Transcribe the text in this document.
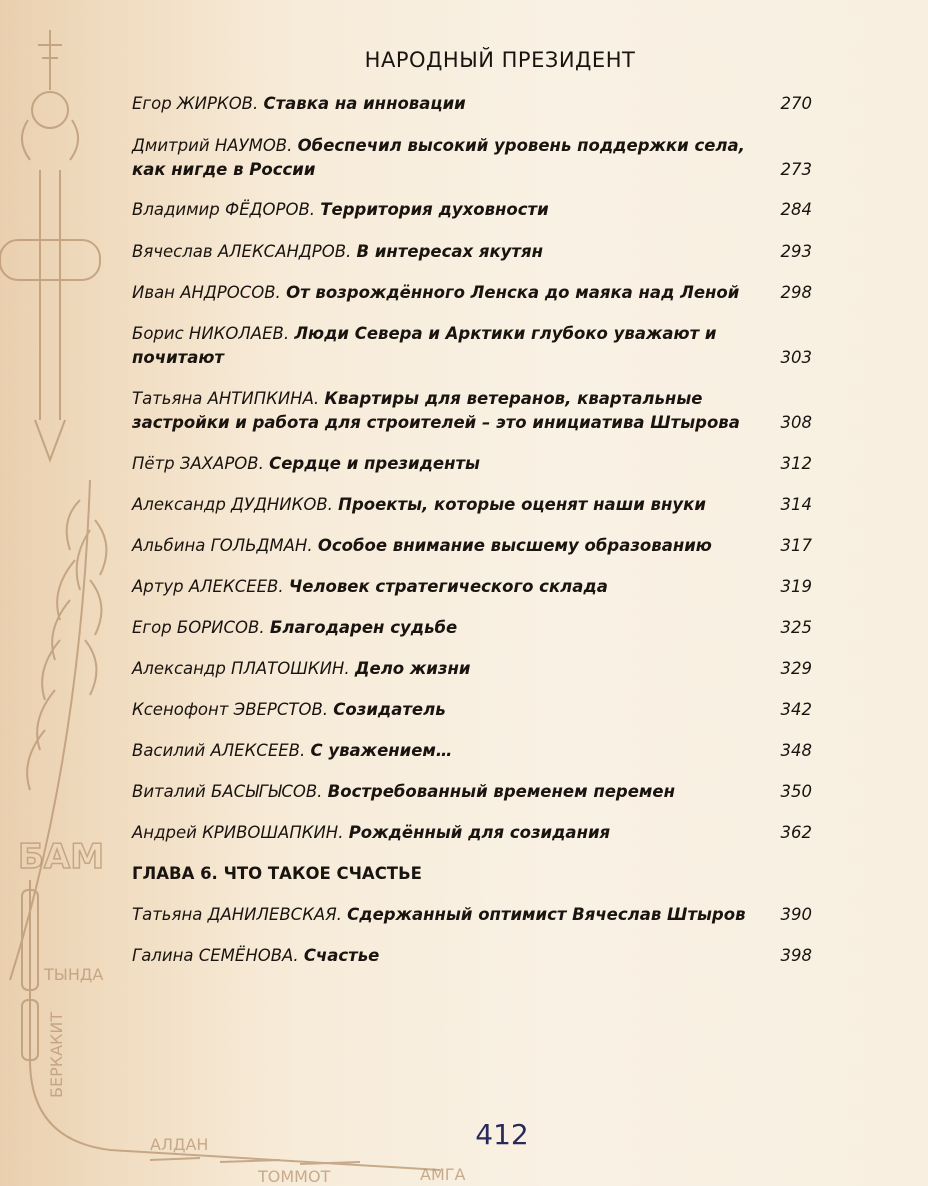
БАМ
ТЫНДА
БЕРКАКИТ
АЛДАН
ТОММОТ	АМГА
НАРОДНЫЙ ПРЕЗИДЕНТ
Егор ЖИРКОВ. Ставка на инновации	270
Дмитрий НАУМОВ. Обеспечил высокий уровень поддержки села, как нигде в России	273
Владимир ФЁДОРОВ. Территория духовности	284
Вячеслав АЛЕКСАНДРОВ. В интересах якутян	293
Иван АНДРОСОВ. От возрождённого Ленска до маяка над Леной	298
Борис НИКОЛАЕВ. Люди Севера и Арктики глубоко уважают и почитают	303
Татьяна АНТИПКИНА. Квартиры для ветеранов, квартальные застройки и работа для строителей – это инициатива Штырова	308
Пётр ЗАХАРОВ. Сердце и президенты	312
Александр ДУДНИКОВ. Проекты, которые оценят наши внуки	314
Альбина ГОЛЬДМАН. Особое внимание высшему образованию	317
Артур АЛЕКСЕЕВ. Человек стратегического склада	319
Егор БОРИСОВ. Благодарен судьбе	325
Александр ПЛАТОШКИН. Дело жизни	329
Ксенофонт ЭВЕРСТОВ. Созидатель	342
Василий АЛЕКСЕЕВ. С уважением…	348
Виталий БАСЫГЫСОВ. Востребованный временем перемен	350
Андрей КРИВОШАПКИН. Рождённый для созидания	362
ГЛАВА 6. ЧТО ТАКОЕ СЧАСТЬЕ
Татьяна ДАНИЛЕВСКАЯ. Сдержанный оптимист Вячеслав Штыров	390
Галина СЕМЁНОВА. Счастье	398
412
